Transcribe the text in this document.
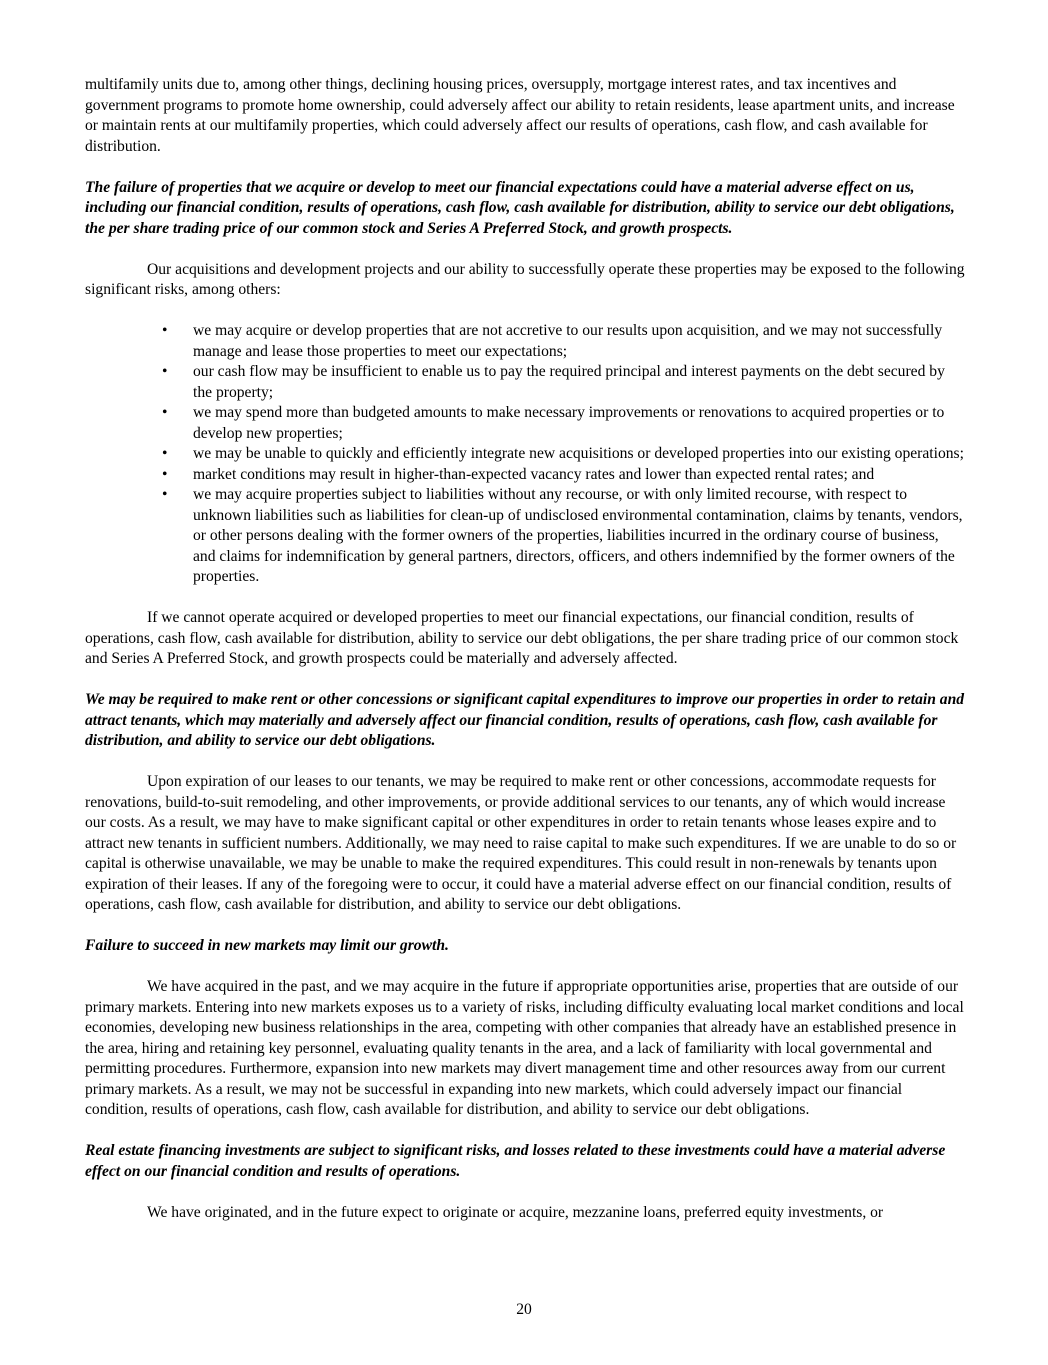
multifamily units due to, among other things, declining housing prices, oversupply, mortgage interest rates, and tax incentives and government programs to promote home ownership, could adversely affect our ability to retain residents, lease apartment units, and increase or maintain rents at our multifamily properties, which could adversely affect our results of operations, cash flow, and cash available for distribution.

The failure of properties that we acquire or develop to meet our financial expectations could have a material adverse effect on us, including our financial condition, results of operations, cash flow, cash available for distribution, ability to service our debt obligations, the per share trading price of our common stock and Series A Preferred Stock, and growth prospects.

Our acquisitions and development projects and our ability to successfully operate these properties may be exposed to the following significant risks, among others:

• we may acquire or develop properties that are not accretive to our results upon acquisition, and we may not successfully manage and lease those properties to meet our expectations;
• our cash flow may be insufficient to enable us to pay the required principal and interest payments on the debt secured by the property;
• we may spend more than budgeted amounts to make necessary improvements or renovations to acquired properties or to develop new properties;
• we may be unable to quickly and efficiently integrate new acquisitions or developed properties into our existing operations;
• market conditions may result in higher-than-expected vacancy rates and lower than expected rental rates; and
• we may acquire properties subject to liabilities without any recourse, or with only limited recourse, with respect to unknown liabilities such as liabilities for clean-up of undisclosed environmental contamination, claims by tenants, vendors, or other persons dealing with the former owners of the properties, liabilities incurred in the ordinary course of business, and claims for indemnification by general partners, directors, officers, and others indemnified by the former owners of the properties.

If we cannot operate acquired or developed properties to meet our financial expectations, our financial condition, results of operations, cash flow, cash available for distribution, ability to service our debt obligations, the per share trading price of our common stock and Series A Preferred Stock, and growth prospects could be materially and adversely affected.

We may be required to make rent or other concessions or significant capital expenditures to improve our properties in order to retain and attract tenants, which may materially and adversely affect our financial condition, results of operations, cash flow, cash available for distribution, and ability to service our debt obligations.

Upon expiration of our leases to our tenants, we may be required to make rent or other concessions, accommodate requests for renovations, build-to-suit remodeling, and other improvements, or provide additional services to our tenants, any of which would increase our costs. As a result, we may have to make significant capital or other expenditures in order to retain tenants whose leases expire and to attract new tenants in sufficient numbers. Additionally, we may need to raise capital to make such expenditures. If we are unable to do so or capital is otherwise unavailable, we may be unable to make the required expenditures. This could result in non-renewals by tenants upon expiration of their leases. If any of the foregoing were to occur, it could have a material adverse effect on our financial condition, results of operations, cash flow, cash available for distribution, and ability to service our debt obligations.

Failure to succeed in new markets may limit our growth.

We have acquired in the past, and we may acquire in the future if appropriate opportunities arise, properties that are outside of our primary markets. Entering into new markets exposes us to a variety of risks, including difficulty evaluating local market conditions and local economies, developing new business relationships in the area, competing with other companies that already have an established presence in the area, hiring and retaining key personnel, evaluating quality tenants in the area, and a lack of familiarity with local governmental and permitting procedures. Furthermore, expansion into new markets may divert management time and other resources away from our current primary markets. As a result, we may not be successful in expanding into new markets, which could adversely impact our financial condition, results of operations, cash flow, cash available for distribution, and ability to service our debt obligations.

Real estate financing investments are subject to significant risks, and losses related to these investments could have a material adverse effect on our financial condition and results of operations.

We have originated, and in the future expect to originate or acquire, mezzanine loans, preferred equity investments, or

20
